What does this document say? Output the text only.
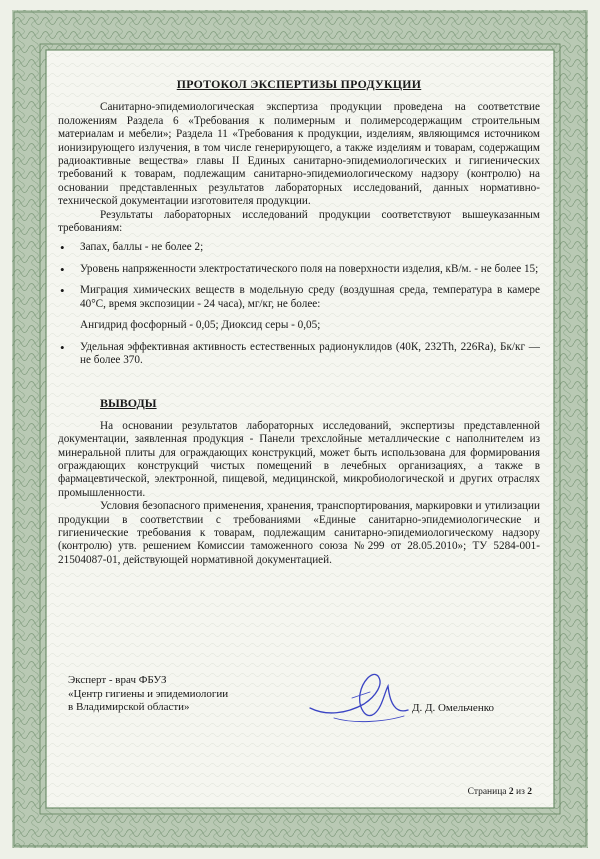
ПРОТОКОЛ ЭКСПЕРТИЗЫ ПРОДУКЦИИ

Санитарно-эпидемиологическая экспертиза продукции проведена на соответствие положениям Раздела 6 «Требования к полимерным и полимерсодержащим строительным материалам и мебели»; Раздела 11 «Требования к продукции, изделиям, являющимся источником ионизирующего излучения, в том числе генерирующего, а также изделиям и товарам, содержащим радиоактивные вещества» главы II Единых санитарно-эпидемиологических и гигиенических требований к товарам, подлежащим санитарно-эпидемиологическому надзору (контролю) на основании представленных результатов лабораторных исследований, данных нормативно-технической документации изготовителя продукции.

Результаты лабораторных исследований продукции соответствуют вышеуказанным требованиям:

• Запах, баллы - не более 2;
• Уровень напряженности электростатического поля на поверхности изделия, кВ/м. - не более 15;
• Миграция химических веществ в модельную среду (воздушная среда, температура в камере 40°С, время экспозиции - 24 часа), мг/кг, не более:
Ангидрид фосфорный - 0,05; Диоксид серы - 0,05;
• Удельная эффективная активность естественных радионуклидов (40К, 232Th, 226Ra), Бк/кг — не более 370.
ВЫВОДЫ

На основании результатов лабораторных исследований, экспертизы представленной документации, заявленная продукция - Панели трехслойные металлические с наполнителем из минеральной плиты для ограждающих конструкций, может быть использована для формирования ограждающих конструкций чистых помещений в лечебных организациях, а также в фармацевтической, электронной, пищевой, медицинской, микробиологической и других отраслях промышленности.

Условия безопасного применения, хранения, транспортирования, маркировки и утилизации продукции в соответствии с требованиями «Единые санитарно-эпидемиологические и гигиенические требования к товарам, подлежащим санитарно-эпидемиологическому надзору (контролю) утв. решением Комиссии таможенного союза №299 от 28.05.2010»; ТУ 5284-001-21504087-01, действующей нормативной документацией.

Эксперт - врач ФБУЗ
«Центр гигиены и эпидемиологии
в Владимирской области»	Д. Д. Омельченко
Страница 2 из 2
